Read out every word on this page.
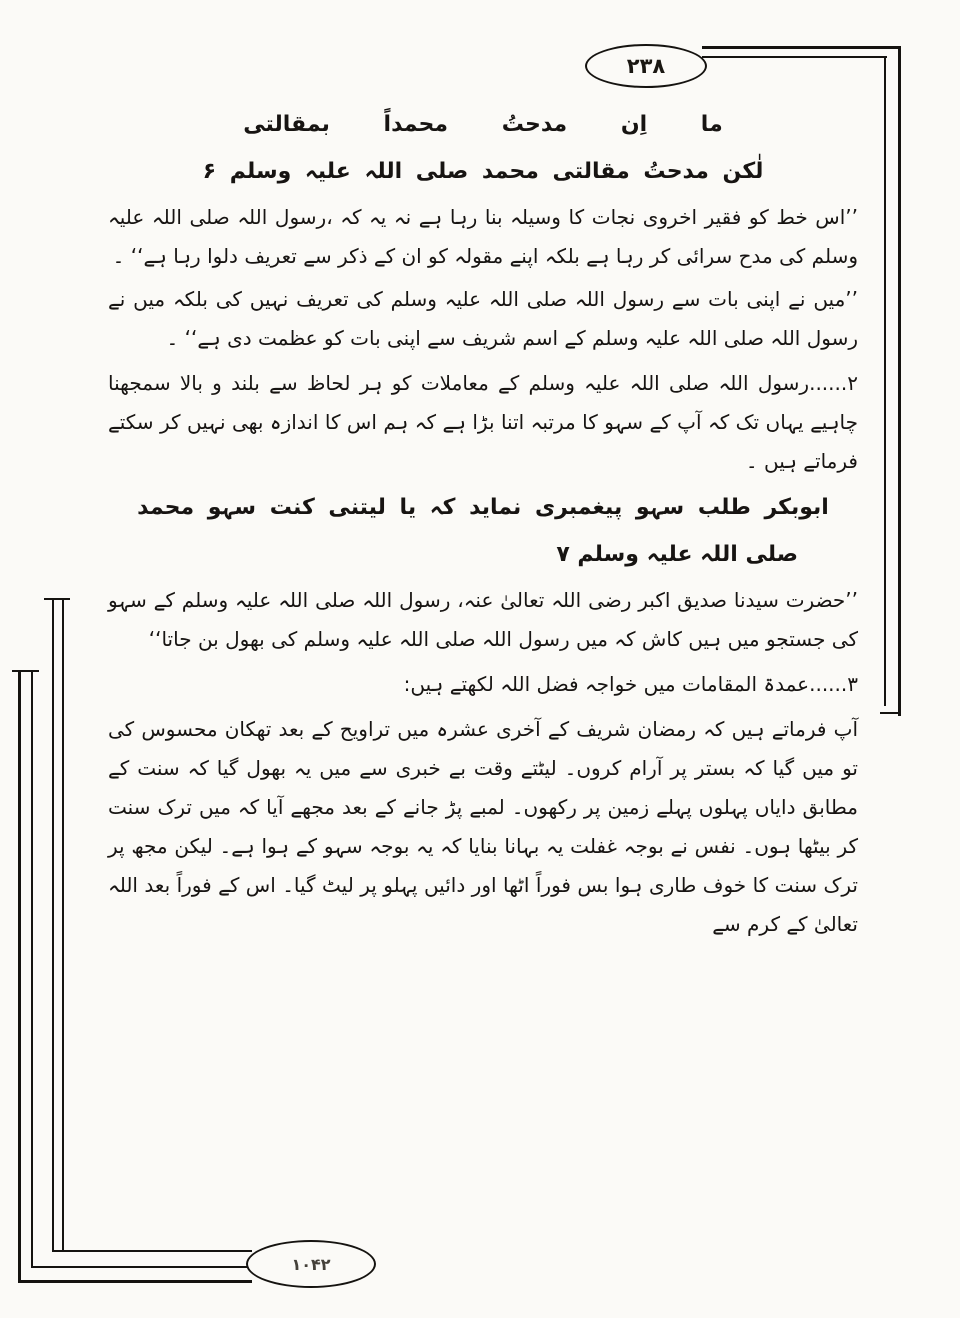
۲۳۸
۱۰۴۲

ما اِن مدحتُ محمداً بمقالتی

لٰکن مدحتُ مقالتی محمد صلی اللہ علیہ وسلم ۶

’’اس خط کو فقیر اخروی نجات کا وسیلہ بنا رہا ہے نہ یہ کہ ،رسول اللہ صلی اللہ علیہ وسلم کی مدح سرائی کر رہا ہے بلکہ اپنے مقولہ کو ان کے ذکر سے تعریف دلوا رہا ہے‘‘ ۔

’’میں نے اپنی بات سے رسول اللہ صلی اللہ علیہ وسلم کی تعریف نہیں کی بلکہ میں نے رسول اللہ صلی اللہ علیہ وسلم کے اسم شریف سے اپنی بات کو عظمت دی ہے‘‘ ۔

۲......رسول اللہ صلی اللہ علیہ وسلم کے معاملات کو ہر لحاظ سے بلند و بالا سمجھنا چاہیے یہاں تک کہ آپ کے سہو کا مرتبہ اتنا بڑا ہے کہ ہم اس کا اندازہ بھی نہیں کر سکتے فرماتے ہیں ۔

ابوبکر طلب سہو پیغمبری نماید کہ یا لیتنی کنت سہو محمد

صلی اللہ علیہ وسلم ۷

’’حضرت سیدنا صدیق اکبر رضی اللہ تعالیٰ عنہ، رسول اللہ صلی اللہ علیہ وسلم کے سہو کی جستجو میں ہیں کاش کہ میں رسول اللہ صلی اللہ علیہ وسلم کی بھول بن جاتا‘‘

۳......عمدۃ المقامات میں خواجہ فضل اللہ لکھتے ہیں:

آپ فرماتے ہیں کہ رمضان شریف کے آخری عشرہ میں تراویح کے بعد تھکان محسوس کی تو میں گیا کہ بستر پر آرام کروں۔ لیٹتے وقت بے خبری سے میں یہ بھول گیا کہ سنت کے مطابق دایاں پہلوں پہلے زمین پر رکھوں۔ لمبے پڑ جانے کے بعد مجھے آیا کہ میں ترک سنت کر بیٹھا ہوں۔ نفس نے بوجہ غفلت یہ بہانا بنایا کہ یہ بوجہ سہو کے ہوا ہے۔ لیکن مجھ پر ترک سنت کا خوف طاری ہوا بس فوراً اٹھا اور دائیں پہلو پر لیٹ گیا۔ اس کے فوراً بعد اللہ تعالیٰ کے کرم سے
